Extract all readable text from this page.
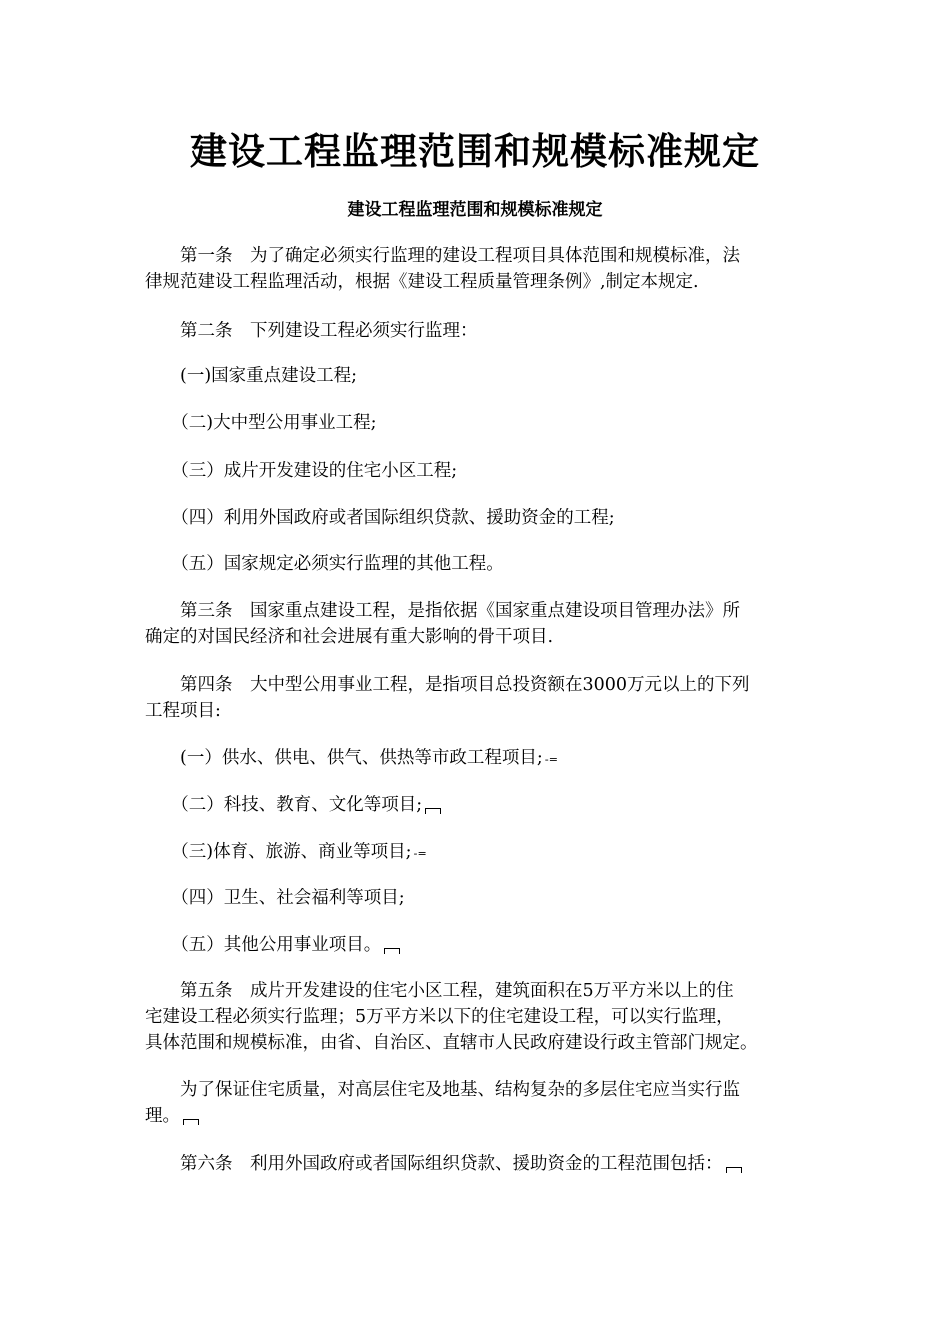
建设工程监理范围和规模标准规定
建设工程监理范围和规模标准规定
　　第一条　为了确定必须实行监理的建设工程项目具体范围和规模标准，法
律规范建设工程监理活动，根据《建设工程质量管理条例》,制定本规定.
　　第二条　下列建设工程必须实行监理：
　　(一)国家重点建设工程;
　　（二)大中型公用事业工程;
　　（三）成片开发建设的住宅小区工程;
　　（四）利用外国政府或者国际组织贷款、援助资金的工程;
　　（五）国家规定必须实行监理的其他工程。
　　第三条　国家重点建设工程，是指依据《国家重点建设项目管理办法》所
确定的对国民经济和社会进展有重大影响的骨干项目.
　　第四条　大中型公用事业工程，是指项目总投资额在3000万元以上的下列
工程项目:
　　(一）供水、供电、供气、供热等市政工程项目; -=
　　（二）科技、教育、文化等项目;
　　（三)体育、旅游、商业等项目; -=
　　（四）卫生、社会福利等项目;
　　（五）其他公用事业项目。
　　第五条　成片开发建设的住宅小区工程，建筑面积在5万平方米以上的住
宅建设工程必须实行监理；5万平方米以下的住宅建设工程，可以实行监理，
具体范围和规模标准，由省、自治区、直辖市人民政府建设行政主管部门规定。
　　为了保证住宅质量，对高层住宅及地基、结构复杂的多层住宅应当实行监
理。
　　第六条　利用外国政府或者国际组织贷款、援助资金的工程范围包括：
